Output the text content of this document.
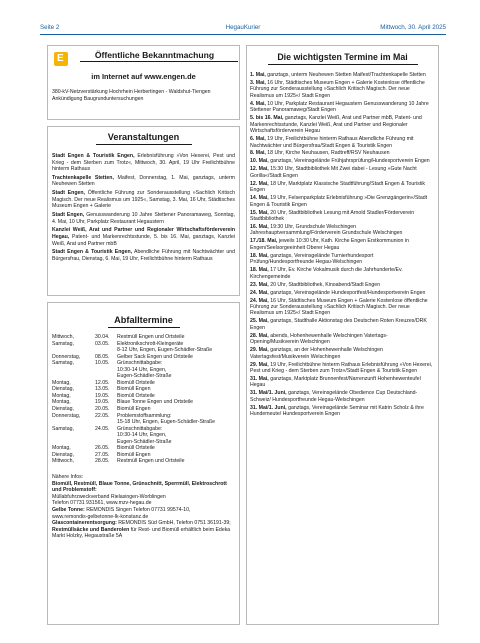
Seite 2	HegauKurier	Mittwoch, 30. April 2025
E	Öffentliche Bekanntmachung
im Internet auf www.engen.de

380-kV-Netzverstärkung Hochrhein Herbertingen - Waldshut-Tiengen

Ankündigung Baugrunduntersuchungen

Veranstaltungen

Stadt Engen & Touristik Engen, Erlebnisführung »Von Hexerei, Pest und Krieg - dem Sterben zum Trotz«, Mittwoch, 30. April, 19 Uhr Freilichtbühne hinterm Rathaus

Trachtenkapelle Stetten, Maifest, Donnerstag, 1. Mai, ganztags, unterm Neuhewen Stetten

Stadt Engen, Öffentliche Führung zur Sonderausstellung »Sachlich Kritisch Magisch. Der neue Realismus um 1925«, Samstag, 3. Mai, 16 Uhr, Städtisches Museum Engen + Galerie

Stadt Engen, Genusswanderung 10 Jahre Stettener Panoramaweg, Sonntag, 4. Mai, 10 Uhr, Parkplatz Restaurant Hegaustern

Kanzlei Weiß, Arat und Partner und Regionaler Wirtschaftsförderverein Hegau, Patent- und Markenrechtsstunde, 5. bis 16. Mai, ganztags, Kanzlei Weiß, Arat und Partner mbB

Stadt Engen & Touristik Engen, Abendliche Führung mit Nachtwächter und Bürgersfrau, Dienstag, 6. Mai, 19 Uhr, Freilichtbühne hinterm Rathaus

Abfalltermine
Mittwoch,	30.04.	Restmüll Engen und Ortsteile
Samstag,	03.05.	Elektronikschrott-Kleingeräte
		8-12 Uhr, Engen, Eugen-Schädler-Straße
Donnerstag,	08.05.	Gelber Sack Engen und Ortsteile
Samstag,	10.05.	Grünschnittabgabe:
		10:30-14 Uhr, Engen,
		Eugen-Schädler-Straße
Montag,	12.05.	Biomüll Ortsteile
Dienstag,	13.05.	Biomüll Engen
Montag,	19.05.	Biomüll Ortsteile
Montag,	19.05.	Blaue Tonne Engen und Ortsteile
Dienstag,	20.05.	Biomüll Engen
Donnerstag,	22.05.	Problemstoffsammlung:
		15-18 Uhr, Engen, Eugen-Schädler-Straße
Samstag,	24.05.	Grünschnittabgabe:
		10:30-14 Uhr, Engen,
		Eugen-Schädler-Straße
Montag,	26.05.	Biomüll Ortsteile
Dienstag,	27.05.	Biomüll Engen
Mittwoch,	28.05.	Restmüll Engen und Ortsteile

Nähere Infos:

Biomüll, Restmüll, Blaue Tonne, Grünschnitt, Sperrmüll, Elektroschrott und Problemstoff:

Müllabfuhrzweckverband Rielasingen-Worblingen

Telefon 07731 931561, www.mzv-hegau.de

Gelbe Tonne: REMONDIS Singen Telefon 07731 99574-10,

www.remondis-gelbetonne-lk-konstanz.de

Glascontainerentsorgung: REMONDIS Süd GmbH, Telefon 0751 36191-39;

Restmüllsäcke und Banderolen für Rest- und Biomüll erhältlich beim Edeka Markt Holzky, Hegaustraße 5A

Die wichtigsten Termine im Mai

1. Mai, ganztags, unterm Neuhewen Stetten Maifest/Trachtenkapelle Stetten

3. Mai, 16 Uhr, Städtisches Museum Engen + Galerie Kostenlose öffentliche Führung zur Sonderausstellung »Sachlich Kritisch Magisch. Der neue Realismus um 1925«/ Stadt Engen

4. Mai, 10 Uhr, Parkplatz Restaurant Hegaustern Genusswanderung 10 Jahre Stettener Panoramaweg/Stadt Engen

5. bis 16. Mai, ganztags, Kanzlei Weiß, Arat und Partner mbB, Patent- und Markenrechtsstunde, Kanzlei Weiß, Arat und Partner und Regionaler Wirtschaftsförderverein Hegau

6. Mai, 19 Uhr, Freilichtbühne hinterm Rathaus Abendliche Führung mit Nachtwächter und Bürgersfrau/Stadt Engen & Touristik Engen

8. Mai, 18 Uhr, Kirche Neuhausen, Radtreff/RSV Neuhausen

10. Mai, ganztags, Vereinsgelände Frühjahrsprüfung/Hundesportverein Engen

12. Mai, 15:30 Uhr, Stadtbibliothek Mit Zwei dabei - Lesung »Gute Nacht Gorilla«/Stadt Engen

12. Mai, 18 Uhr, Marktplatz Klassische Stadtführung/Stadt Engen & Touristik Engen

14. Mai, 19 Uhr, Felsenparkplatz Erlebnisführung »Die Grenzgängerin«/Stadt Engen & Touristik Engen

15. Mai, 20 Uhr, Stadtbibliothek Lesung mit Arnold Stadler/Förderverein Stadtbibliothek

16. Mai, 19:30 Uhr, Grundschule Welschingen Jahreshauptversammlung/Förderverein Grundschule Welschingen

17./18. Mai, jeweils 10:30 Uhr, Kath. Kirche Engen Erstkommunion in Engen/Seelsorgeeinheit Oberer Hegau

18. Mai, ganztags, Vereinsgelände Turnierhundesport Prüfung/Hundesportfreunde Hegau-Welschingen

18. Mai, 17 Uhr, Ev. Kirche Vokalmusik durch die Jahrhunderte/Ev. Kirchengemeinde

23. Mai, 20 Uhr, Stadtbibliothek, Kinoabend/Stadt Engen

24. Mai, ganztags, Vereinsgelände Hundesportfest/Hundesportverein Engen

24. Mai, 16 Uhr, Städtisches Museum Engen + Galerie Kostenlose öffentliche Führung zur Sonderausstellung »Sachlich Kritisch Magisch. Der neue Realismus um 1925«/ Stadt Engen

25. Mai, ganztags, Stadthalle Aktionstag des Deutschen Roten Kreuzes/DRK Engen

28. Mai, abends, Hohenhewenhalle Welschingen Vatertags-Opening/Musikverein Welschingen

29. Mai, ganztags, an der Hohenhewenhalle Welschingen Vatertagsfest/Musikverein Welschingen

29. Mai, 19 Uhr, Freilichtbühne hinterm Rathaus Erlebnisführung »Von Hexerei, Pest und Krieg - dem Sterben zum Trotz«/Stadt Engen & Touristik Engen

31. Mai, ganztags, Marktplatz Brunnenfest/Narrenzunft Hohenhewenteufel Hegau

31. Mai/1. Juni, ganztags, Vereinsgelände Obedience Cup Deutschland-Schweiz/ Hundesportfreunde Hegau-Welschingen

31. Mai/1. Juni, ganztags, Vereinsgelände Seminar mit Katrin Scholz & ihre Hundemeute/ Hundesportverein Engen
